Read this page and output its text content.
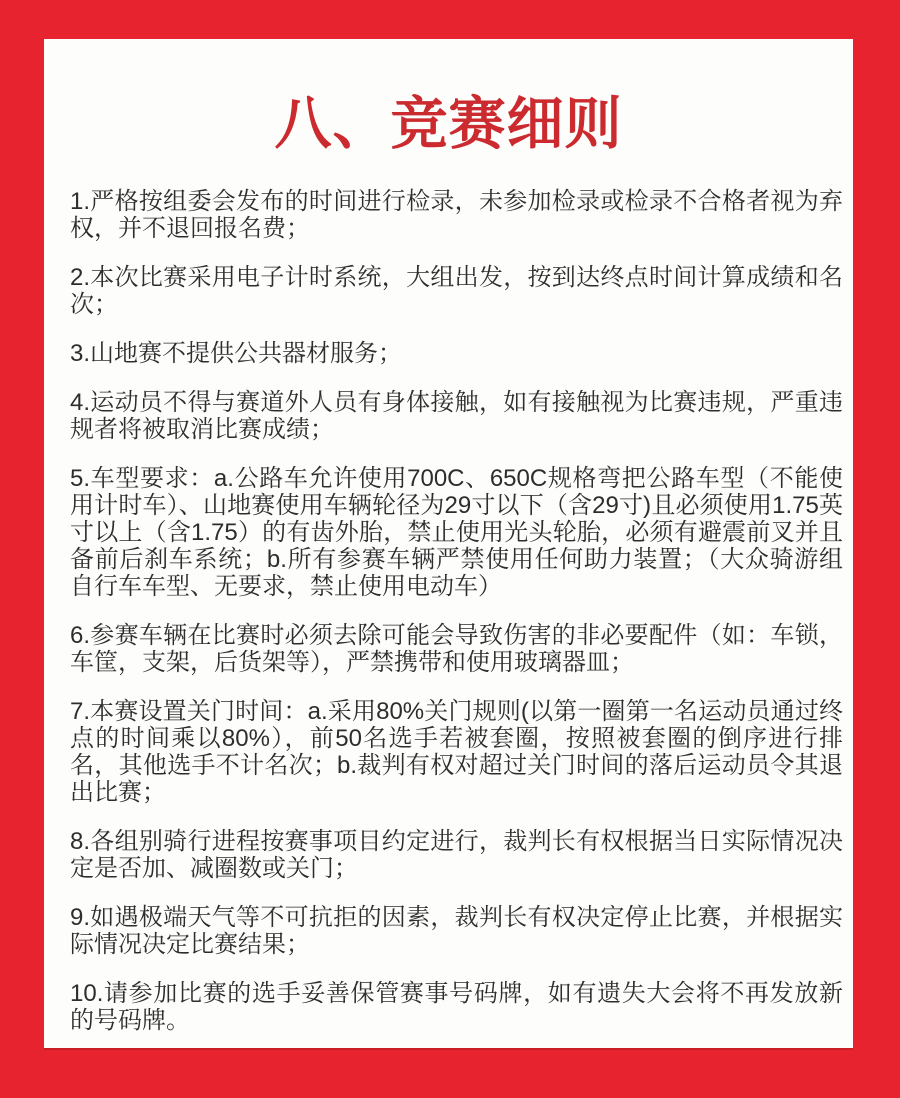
八、竞赛细则

1.严格按组委会发布的时间进行检录，未参加检录或检录不合格者视为弃权，并不退回报名费；

2.本次比赛采用电子计时系统，大组出发，按到达终点时间计算成绩和名次；

3.山地赛不提供公共器材服务；

4.运动员不得与赛道外人员有身体接触，如有接触视为比赛违规，严重违规者将被取消比赛成绩；

5.车型要求：a.公路车允许使用700C、650C规格弯把公路车型（不能使用计时车）、山地赛使用车辆轮径为29寸以下（含29寸)且必须使用1.75英寸以上（含1.75）的有齿外胎，禁止使用光头轮胎，必须有避震前叉并且备前后刹车系统；b.所有参赛车辆严禁使用任何助力装置；（大众骑游组自行车车型、无要求，禁止使用电动车）

6.参赛车辆在比赛时必须去除可能会导致伤害的非必要配件（如：车锁，车筐，支架，后货架等），严禁携带和使用玻璃器皿；

7.本赛设置关门时间：a.采用80%关门规则(以第一圈第一名运动员通过终点的时间乘以80%），前50名选手若被套圈，按照被套圈的倒序进行排名，其他选手不计名次；b.裁判有权对超过关门时间的落后运动员令其退出比赛；

8.各组别骑行进程按赛事项目约定进行，裁判长有权根据当日实际情况决定是否加、减圈数或关门；

9.如遇极端天气等不可抗拒的因素，裁判长有权决定停止比赛，并根据实际情况决定比赛结果；

10.请参加比赛的选手妥善保管赛事号码牌，如有遗失大会将不再发放新的号码牌。
